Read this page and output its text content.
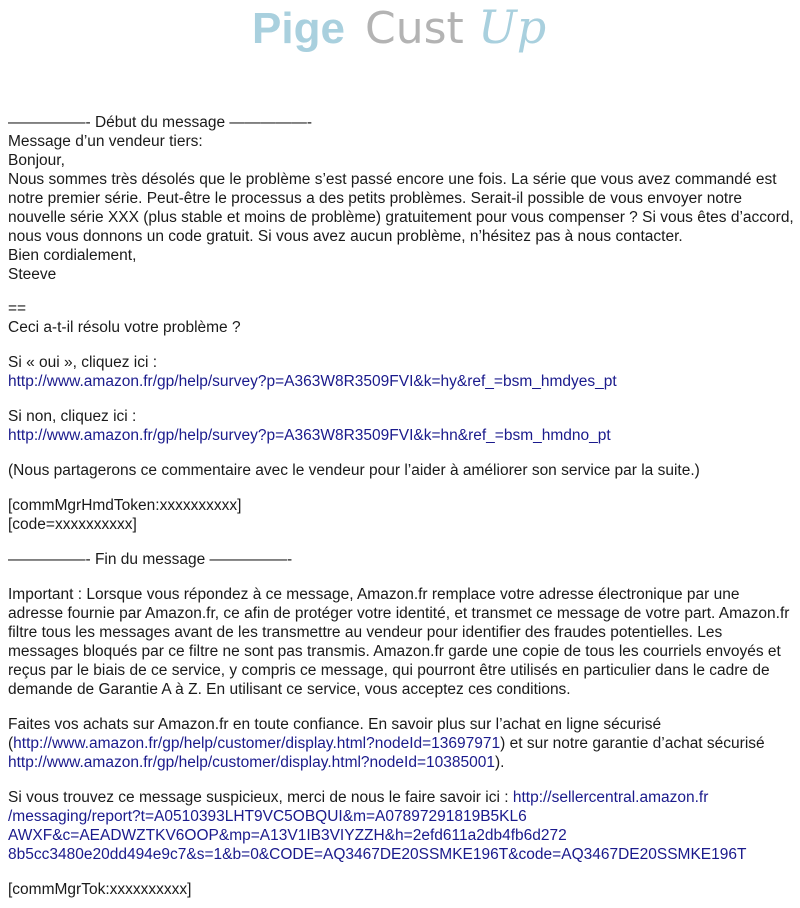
Pige Cust Up
—————- Début du message —————-
Message d’un vendeur tiers:
Bonjour,
Nous sommes très désolés que le problème s’est passé encore une fois. La série que vous avez commandé est notre premier série. Peut-être le processus a des petits problèmes. Serait-il possible de vous envoyer notre nouvelle série XXX (plus stable et moins de problème) gratuitement pour vous compenser ? Si vous êtes d’accord, nous vous donnons un code gratuit. Si vous avez aucun problème, n’hésitez pas à nous contacter.
Bien cordialement,
Steeve
==
Ceci a-t-il résolu votre problème ?
Si « oui », cliquez ici :
http://www.amazon.fr/gp/help/survey?p=A363W8R3509FVI&k=hy&ref_=bsm_hmdyes_pt
Si non, cliquez ici :
http://www.amazon.fr/gp/help/survey?p=A363W8R3509FVI&k=hn&ref_=bsm_hmdno_pt
(Nous partagerons ce commentaire avec le vendeur pour l’aider à améliorer son service par la suite.)
[commMgrHmdToken:xxxxxxxxxx]
[code=xxxxxxxxxx]
—————- Fin du message —————-
Important : Lorsque vous répondez à ce message, Amazon.fr remplace votre adresse électronique par une adresse fournie par Amazon.fr, ce afin de protéger votre identité, et transmet ce message de votre part. Amazon.fr filtre tous les messages avant de les transmettre au vendeur pour identifier des fraudes potentielles. Les messages bloqués par ce filtre ne sont pas transmis. Amazon.fr garde une copie de tous les courriels envoyés et reçus par le biais de ce service, y compris ce message, qui pourront être utilisés en particulier dans le cadre de demande de Garantie A à Z. En utilisant ce service, vous acceptez ces conditions.
Faites vos achats sur Amazon.fr en toute confiance. En savoir plus sur l’achat en ligne sécurisé (http://www.amazon.fr/gp/help/customer/display.html?nodeId=13697971) et sur notre garantie d’achat sécurisé http://www.amazon.fr/gp/help/customer/display.html?nodeId=10385001).
Si vous trouvez ce message suspicieux, merci de nous le faire savoir ici : http://sellercentral.amazon.fr
/messaging/report?t=A0510393LHT9VC5OBQUI&m=A07897291819B5KL6
AWXF&c=AEADWZTKV6OOP&mp=A13V1IB3VIYZZH&h=2efd611a2db4fb6d272
8b5cc3480e20dd494e9c7&s=1&b=0&CODE=AQ3467DE20SSMKE196T&code=AQ3467DE20SSMKE196T
[commMgrTok:xxxxxxxxxx]
